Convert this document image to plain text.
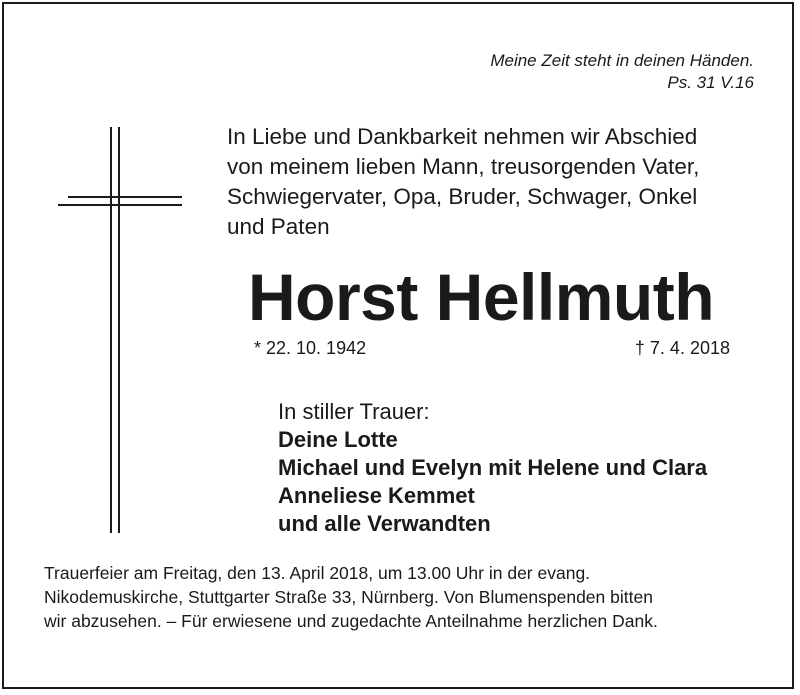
Meine Zeit steht in deinen Händen.
Ps. 31 V.16

In Liebe und Dankbarkeit nehmen wir Abschied
von meinem lieben Mann, treusorgenden Vater,
Schwiegervater, Opa, Bruder, Schwager, Onkel
und Paten

Horst Hellmuth
* 22. 10. 1942	† 7. 4. 2018
In stiller Trauer:
Deine Lotte
Michael und Evelyn mit Helene und Clara
Anneliese Kemmet
und alle Verwandten

Trauerfeier am Freitag, den 13. April 2018, um 13.00 Uhr in der evang.
Nikodemuskirche, Stuttgarter Straße 33, Nürnberg. Von Blumenspenden bitten
wir abzusehen. – Für erwiesene und zugedachte Anteilnahme herzlichen Dank.
